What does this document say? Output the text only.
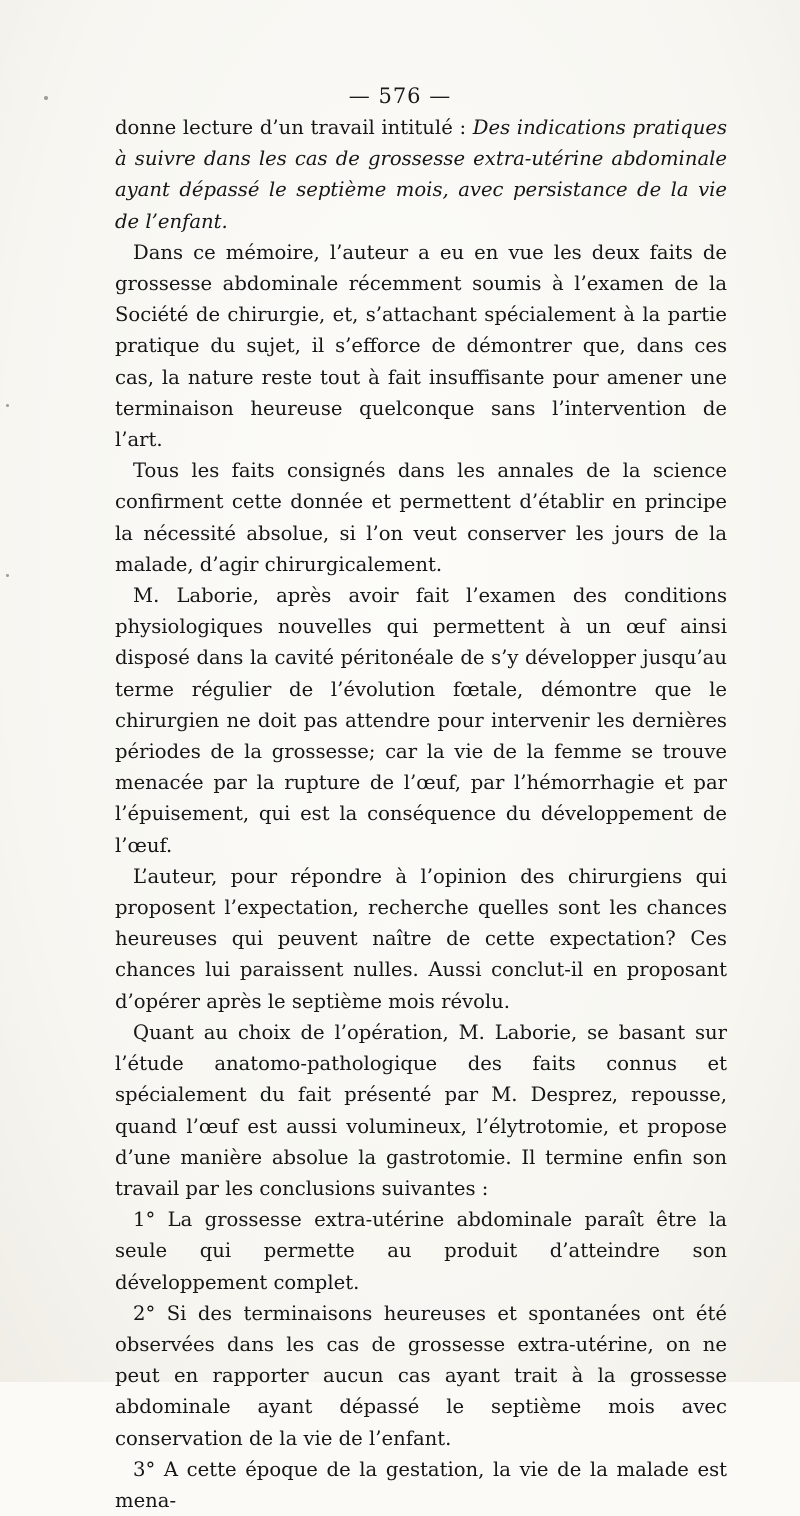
— 576 —

donne lecture d’un travail intitulé : Des indications pratiques à suivre dans les cas de grossesse extra-utérine abdominale ayant dépassé le septième mois, avec persistance de la vie de l’enfant.

Dans ce mémoire, l’auteur a eu en vue les deux faits de grossesse abdominale récemment soumis à l’examen de la Société de chirurgie, et, s’attachant spécialement à la partie pratique du sujet, il s’efforce de démontrer que, dans ces cas, la nature reste tout à fait insuffisante pour amener une terminaison heureuse quelconque sans l’intervention de l’art.

Tous les faits consignés dans les annales de la science confirment cette donnée et permettent d’établir en principe la nécessité absolue, si l’on veut conserver les jours de la malade, d’agir chirurgicalement.

M. Laborie, après avoir fait l’examen des conditions physiologiques nouvelles qui permettent à un œuf ainsi disposé dans la cavité péritonéale de s’y développer jusqu’au terme régulier de l’évolution fœtale, démontre que le chirurgien ne doit pas attendre pour intervenir les dernières périodes de la grossesse; car la vie de la femme se trouve menacée par la rupture de l’œuf, par l’hémorrhagie et par l’épuisement, qui est la conséquence du développement de l’œuf.

L’auteur, pour répondre à l’opinion des chirurgiens qui proposent l’expectation, recherche quelles sont les chances heureuses qui peuvent naître de cette expectation? Ces chances lui paraissent nulles. Aussi conclut-il en proposant d’opérer après le septième mois révolu.

Quant au choix de l’opération, M. Laborie, se basant sur l’étude anatomo-pathologique des faits connus et spécialement du fait présenté par M. Desprez, repousse, quand l’œuf est aussi volumineux, l’élytrotomie, et propose d’une manière absolue la gastrotomie. Il termine enfin son travail par les conclusions suivantes :

1° La grossesse extra-utérine abdominale paraît être la seule qui permette au produit d’atteindre son développement complet.

2° Si des terminaisons heureuses et spontanées ont été observées dans les cas de grossesse extra-utérine, on ne peut en rapporter aucun cas ayant trait à la grossesse abdominale ayant dépassé le septième mois avec conservation de la vie de l’enfant.

3° A cette époque de la gestation, la vie de la malade est mena-
